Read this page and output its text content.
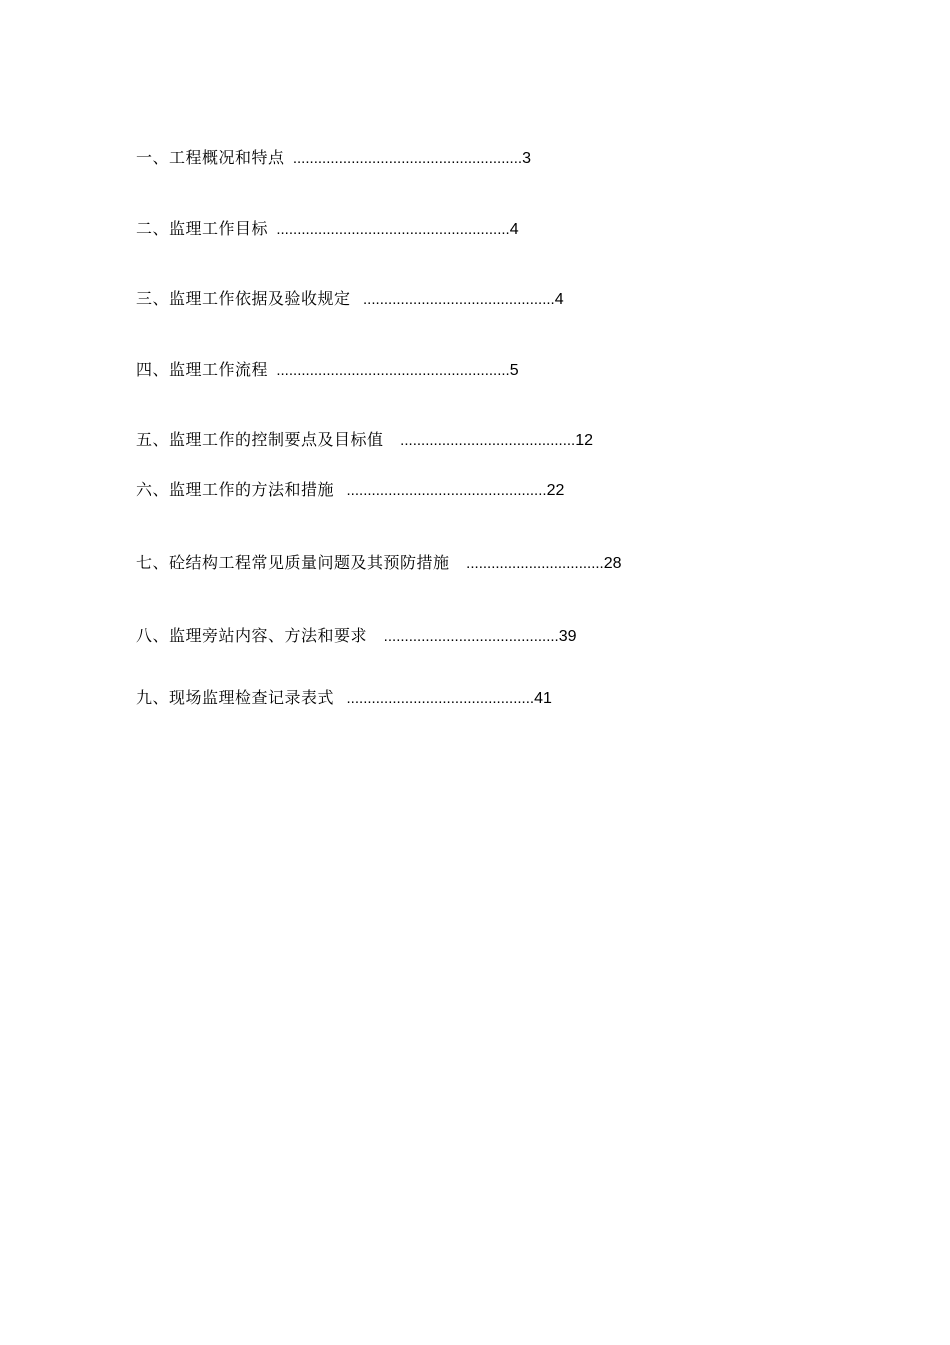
一、工程概况和特点 ....................................................... 3
二、监理工作目标 ........................................................ 4
三、监理工作依据及验收规定 .............................................. 4
四、监理工作流程 ........................................................ 5
五、监理工作的控制要点及目标值 .......................................... 12
六、监理工作的方法和措施 ................................................ 22
七、砼结构工程常见质量问题及其预防措施 ................................. 28
八、监理旁站内容、方法和要求 .......................................... 39
九、现场监理检查记录表式 ............................................. 41
